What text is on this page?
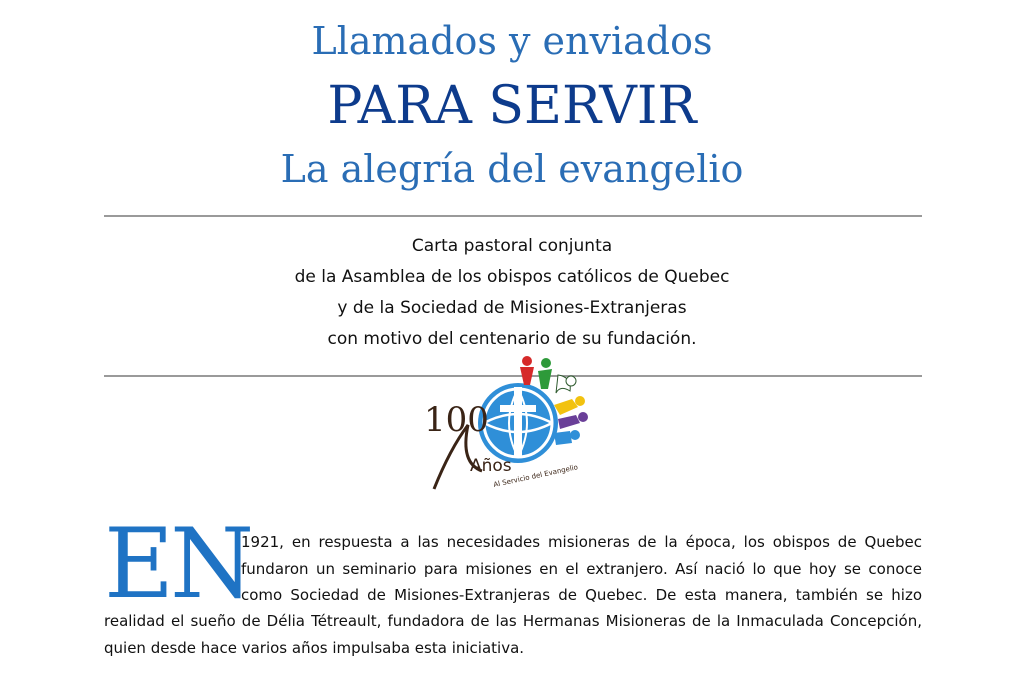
Llamados y enviados
PARA SERVIR
La alegría del evangelio
Carta pastoral conjunta
de la Asamblea de los obispos católicos de Quebec
y de la Sociedad de Misiones-Extranjeras
con motivo del centenario de su fundación.
100
Años
Al Servicio del Evangelio
EN
1921, en respuesta a las necesidades misioneras de la época, los obispos de Quebec
fundaron un seminario para misiones en el extranjero. Así nació lo que hoy se conoce
como Sociedad de Misiones-Extranjeras de Quebec. De esta manera, también se hizo
realidad el sueño de Délia Tétreault, fundadora de las Hermanas Misioneras de la Inmaculada Concepción,
quien desde hace varios años impulsaba esta iniciativa.
